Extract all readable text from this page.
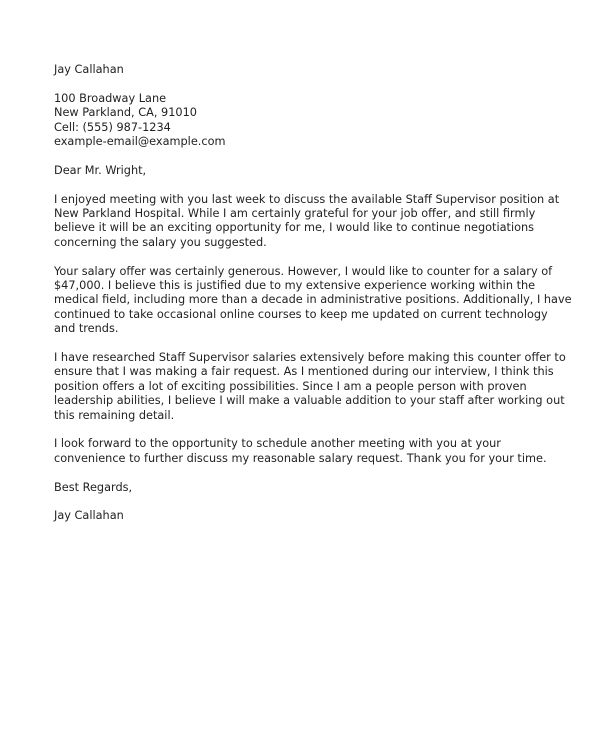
Jay Callahan

100 Broadway Lane
New Parkland, CA, 91010
Cell: (555) 987-1234
example-email@example.com

Dear Mr. Wright,

I enjoyed meeting with you last week to discuss the available Staff Supervisor position at
New Parkland Hospital. While I am certainly grateful for your job offer, and still firmly
believe it will be an exciting opportunity for me, I would like to continue negotiations
concerning the salary you suggested.

Your salary offer was certainly generous. However, I would like to counter for a salary of
$47,000. I believe this is justified due to my extensive experience working within the
medical field, including more than a decade in administrative positions. Additionally, I have
continued to take occasional online courses to keep me updated on current technology
and trends.

I have researched Staff Supervisor salaries extensively before making this counter offer to
ensure that I was making a fair request. As I mentioned during our interview, I think this
position offers a lot of exciting possibilities. Since I am a people person with proven
leadership abilities, I believe I will make a valuable addition to your staff after working out
this remaining detail.

I look forward to the opportunity to schedule another meeting with you at your
convenience to further discuss my reasonable salary request. Thank you for your time.

Best Regards,

Jay Callahan
